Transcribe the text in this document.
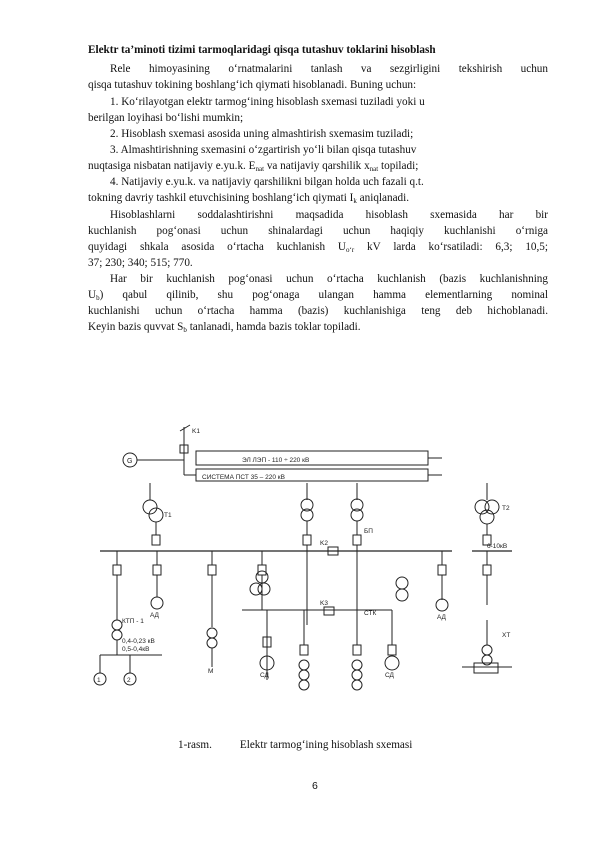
Elektr ta’minoti tizimi tarmoqlaridagi qisqa tutashuv toklarini hisoblash
Rele himoyasining o‘rnatmalarini tanlash va sezgirligini tekshirish uchun
qisqa tutashuv tokining boshlang‘ich qiymati hisoblanadi. Buning uchun:
1. Ko‘rilayotgan elektr tarmog‘ining hisoblash sxemasi tuziladi yoki u
berilgan loyihasi bo‘lishi mumkin;
2. Hisoblash sxemasi asosida uning almashtirish sxemasim tuziladi;
3. Almashtirishning sxemasini o‘zgartirish yo‘li bilan qisqa tutashuv
nuqtasiga nisbatan natijaviy e.yu.k. $E_{nat}$ va natijaviy qarshilik $x_{nat}$ topiladi;
4. Natijaviy e.yu.k. va natijaviy qarshilikni bilgan holda uch fazali q.t.
tokning davriy tashkil etuvchisining boshlang‘ich qiymati $I_k$ aniqlanadi.
Hisoblashlarni soddalashtirishni maqsadida hisoblash sxemasida har bir
kuchlanish pog‘onasi uchun shinalardagi uchun haqiqiy kuchlanishi o‘rniga
quyidagi shkala asosida o‘rtacha kuchlanish $U_{o‘r}$ kV larda ko‘rsatiladi: 6,3; 10,5;
37; 230; 340; 515; 770.
Har bir kuchlanish pog‘onasi uchun o‘rtacha kuchlanish (bazis kuchlanishning
$U_b$) qabul qilinib, shu pog‘onaga ulangan hamma elementlarning nominal
kuchlanishi uchun o‘rtacha hamma (bazis) kuchlanishiga teng deb hichoblanadi.
Keyin bazis quvvat $S_b$ tanlanadi, hamda bazis toklar topiladi.
K1
ЭЛ ЛЭП - 110 ÷ 220 кВ
СИСТЕМА ПСТ 35 – 220 кВ
G
T1
T2
K2
K3
БП
АД	АД
6-10кВ
КТП - 1
0,4-0,23 кВ
0,5-0,4кВ
СТК
СД	СД
1	2
М
XT
1-rasm.	Elektr tarmog‘ining hisoblash sxemasi
6
